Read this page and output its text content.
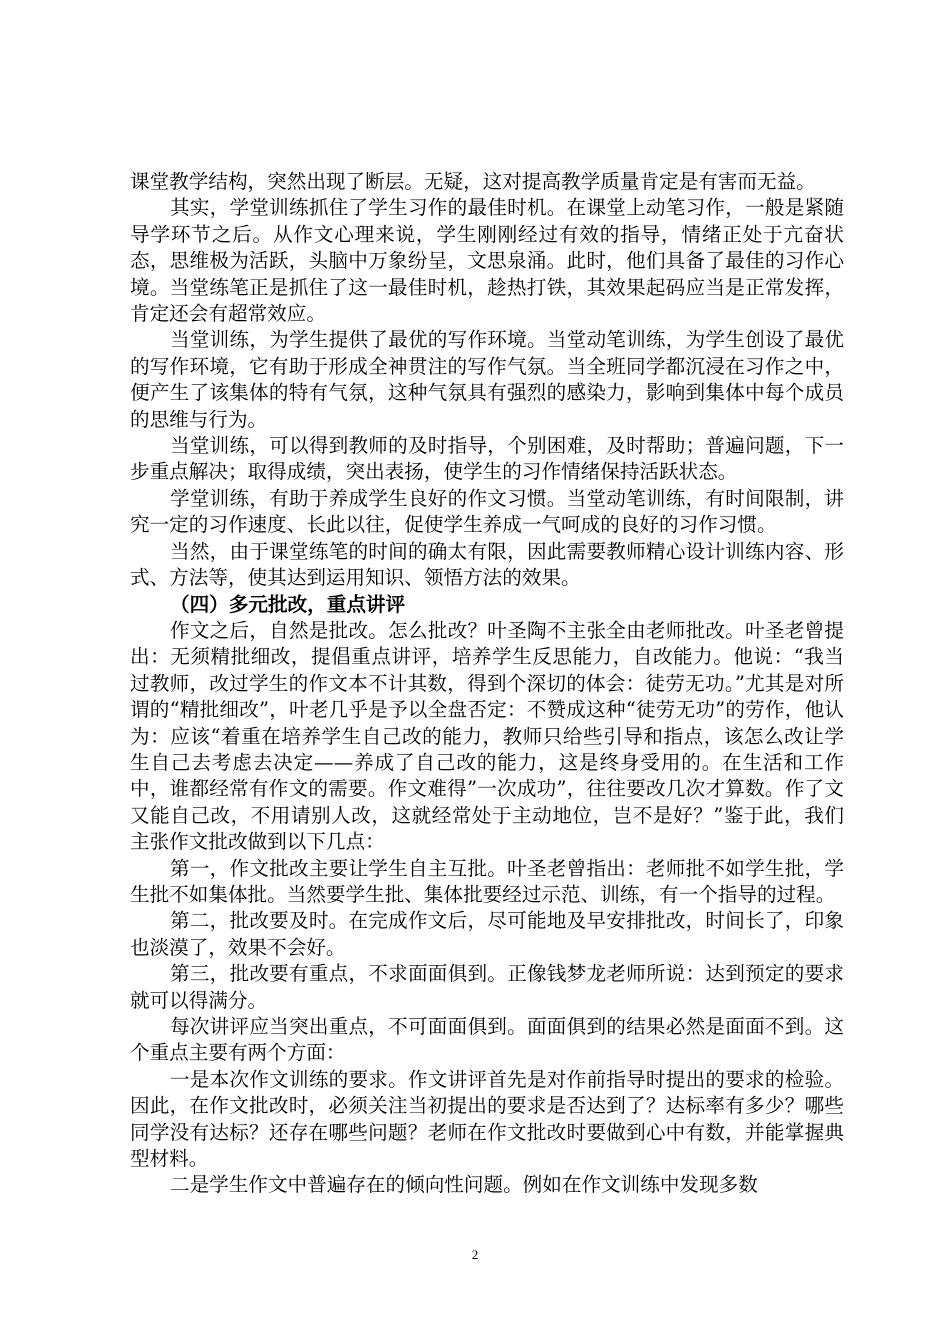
课堂教学结构，突然出现了断层。无疑，这对提高教学质量肯定是有害而无益。

其实，学堂训练抓住了学生习作的最佳时机。在课堂上动笔习作，一般是紧随导学环节之后。从作文心理来说，学生刚刚经过有效的指导，情绪正处于亢奋状态，思维极为活跃，头脑中万象纷呈，文思泉涌。此时，他们具备了最佳的习作心境。当堂练笔正是抓住了这一最佳时机，趁热打铁，其效果起码应当是正常发挥，肯定还会有超常效应。

当堂训练，为学生提供了最优的写作环境。当堂动笔训练，为学生创设了最优的写作环境，它有助于形成全神贯注的写作气氛。当全班同学都沉浸在习作之中，便产生了该集体的特有气氛，这种气氛具有强烈的感染力，影响到集体中每个成员的思维与行为。

当堂训练，可以得到教师的及时指导，个别困难，及时帮助；普遍问题，下一步重点解决；取得成绩，突出表扬，使学生的习作情绪保持活跃状态。

学堂训练，有助于养成学生良好的作文习惯。当堂动笔训练，有时间限制，讲究一定的习作速度、长此以往，促使学生养成一气呵成的良好的习作习惯。

当然，由于课堂练笔的时间的确太有限，因此需要教师精心设计训练内容、形式、方法等，使其达到运用知识、领悟方法的效果。

（四）多元批改，重点讲评

作文之后，自然是批改。怎么批改？叶圣陶不主张全由老师批改。叶圣老曾提出：无须精批细改，提倡重点讲评，培养学生反思能力，自改能力。他说：“我当过教师，改过学生的作文本不计其数，得到个深切的体会：徒劳无功。”尤其是对所谓的“精批细改”，叶老几乎是予以全盘否定：不赞成这种“徒劳无功”的劳作，他认为：应该“着重在培养学生自己改的能力，教师只给些引导和指点，该怎么改让学生自己去考虑去决定——养成了自己改的能力，这是终身受用的。在生活和工作中，谁都经常有作文的需要。作文难得”一次成功”，往往要改几次才算数。作了文又能自己改，不用请别人改，这就经常处于主动地位，岂不是好？”鉴于此，我们主张作文批改做到以下几点：

第一，作文批改主要让学生自主互批。叶圣老曾指出：老师批不如学生批，学生批不如集体批。当然要学生批、集体批要经过示范、训练，有一个指导的过程。

第二，批改要及时。在完成作文后，尽可能地及早安排批改，时间长了，印象也淡漠了，效果不会好。

第三，批改要有重点，不求面面俱到。正像钱梦龙老师所说：达到预定的要求就可以得满分。

每次讲评应当突出重点，不可面面俱到。面面俱到的结果必然是面面不到。这个重点主要有两个方面：

一是本次作文训练的要求。作文讲评首先是对作前指导时提出的要求的检验。因此，在作文批改时，必须关注当初提出的要求是否达到了？达标率有多少？哪些同学没有达标？还存在哪些问题？老师在作文批改时要做到心中有数，并能掌握典型材料。

二是学生作文中普遍存在的倾向性问题。例如在作文训练中发现多数

2
